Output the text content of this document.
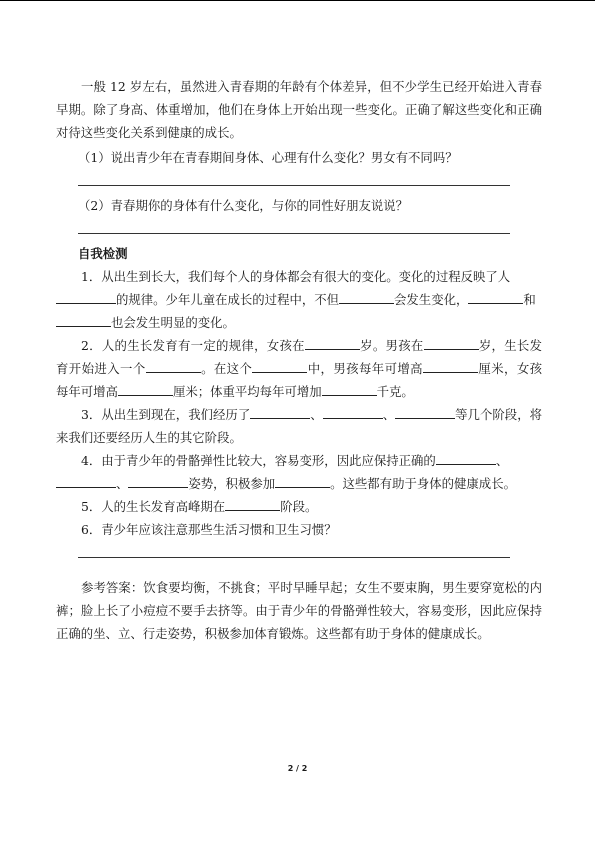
一般 12 岁左右，虽然进入青春期的年龄有个体差异，但不少学生已经开始进入青春早期。除了身高、体重增加，他们在身体上开始出现一些变化。正确了解这些变化和正确对待这些变化关系到健康的成长。

（1）说出青少年在青春期间身体、心理有什么变化？男女有不同吗？

（2）青春期你的身体有什么变化，与你的同性好朋友说说？

自我检测

1．从出生到长大，我们每个人的身体都会有很大的变化。变化的过程反映了人
的规律。少年儿童在成长的过程中，不但	会发生变化，	和
也会发生明显的变化。

2．人的生长发育有一定的规律，女孩在	岁。男孩在	岁，生长发育开始进入一个	。在这个	中，男孩每年可增高	厘米，女孩每年可增高	厘米；体重平均每年可增加	千克。

3．从出生到现在，我们经历了	、	、	等几个阶段，将来我们还要经历人生的其它阶段。

4．由于青少年的骨骼弹性比较大，容易变形，因此应保持正确的	、
、	姿势，积极参加	。这些都有助于身体的健康成长。

5．人的生长发育高峰期在	阶段。

6．青少年应该注意那些生活习惯和卫生习惯？

参考答案：饮食要均衡，不挑食；平时早睡早起；女生不要束胸，男生要穿宽松的内裤；脸上长了小痘痘不要手去挤等。由于青少年的骨骼弹性较大，容易变形，因此应保持正确的坐、立、行走姿势，积极参加体育锻炼。这些都有助于身体的健康成长。

2 / 2
